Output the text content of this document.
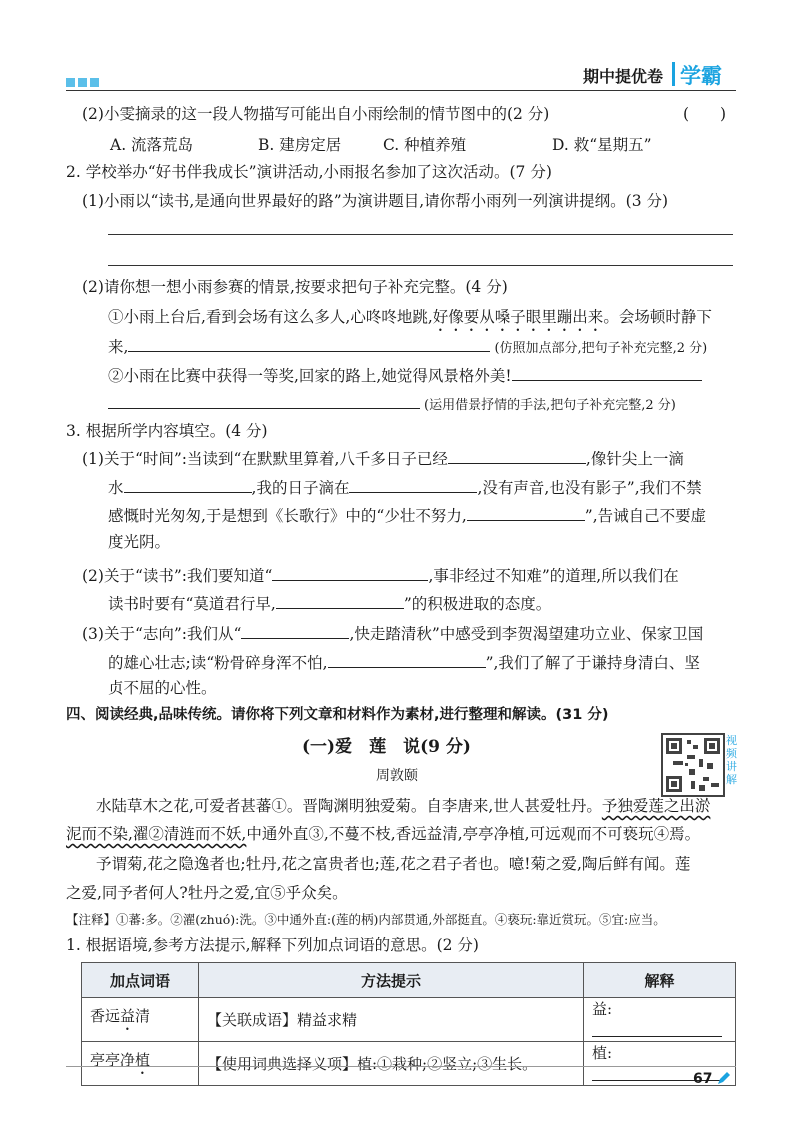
期中提优卷 学霸
(2)小雯摘录的这一段人物描写可能出自小雨绘制的情节图中的(2 分)	(　　)
A. 流落荒岛	B. 建房定居	C. 种植养殖	D. 救“星期五”
2. 学校举办“好书伴我成长”演讲活动,小雨报名参加了这次活动。(7 分)
(1)小雨以“读书,是通向世界最好的路”为演讲题目,请你帮小雨列一列演讲提纲。(3 分)
(2)请你想一想小雨参赛的情景,按要求把句子补充完整。(4 分)
①小雨上台后,看到会场有这么多人,心咚咚地跳,好像要从嗓子眼里蹦出来。会场顿时静下
来,	(仿照加点部分,把句子补充完整,2 分)
②小雨在比赛中获得一等奖,回家的路上,她觉得风景格外美!
(运用借景抒情的手法,把句子补充完整,2 分)
3. 根据所学内容填空。(4 分)
(1)关于“时间”:当读到“在默默里算着,八千多日子已经	,像针尖上一滴
水	,我的日子滴在	,没有声音,也没有影子”,我们不禁
感慨时光匆匆,于是想到《长歌行》中的“少壮不努力,	”,告诫自己不要虚
度光阴。
(2)关于“读书”:我们要知道“	,事非经过不知难”的道理,所以我们在
读书时要有“莫道君行早,	”的积极进取的态度。
(3)关于“志向”:我们从“	,快走踏清秋”中感受到李贺渴望建功立业、保家卫国
的雄心壮志;读“粉骨碎身浑不怕,	”,我们了解了于谦持身清白、坚
贞不屈的心性。
四、阅读经典,品味传统。请你将下列文章和材料作为素材,进行整理和解读。(31 分)
(一)爱　莲　说(9 分)
周敦颐
视频讲解
水陆草木之花,可爱者甚蕃①。晋陶渊明独爱菊。自李唐来,世人甚爱牡丹。予独爱莲之出淤
泥而不染,濯②清涟而不妖,中通外直③,不蔓不枝,香远益清,亭亭净植,可远观而不可亵玩④焉。
予谓菊,花之隐逸者也;牡丹,花之富贵者也;莲,花之君子者也。噫!菊之爱,陶后鲜有闻。莲
之爱,同予者何人?牡丹之爱,宜⑤乎众矣。
【注释】①蕃:多。②濯(zhuó):洗。③中通外直:(莲的柄)内部贯通,外部挺直。④亵玩:靠近赏玩。⑤宜:应当。
1. 根据语境,参考方法提示,解释下列加点词语的意思。(2 分)
加点词语	方法提示	解释
香远益清	【关联成语】精益求精	益:
亭亭净植	【使用词典选择义项】植:①栽种;②竖立;③生长。	植:
67
